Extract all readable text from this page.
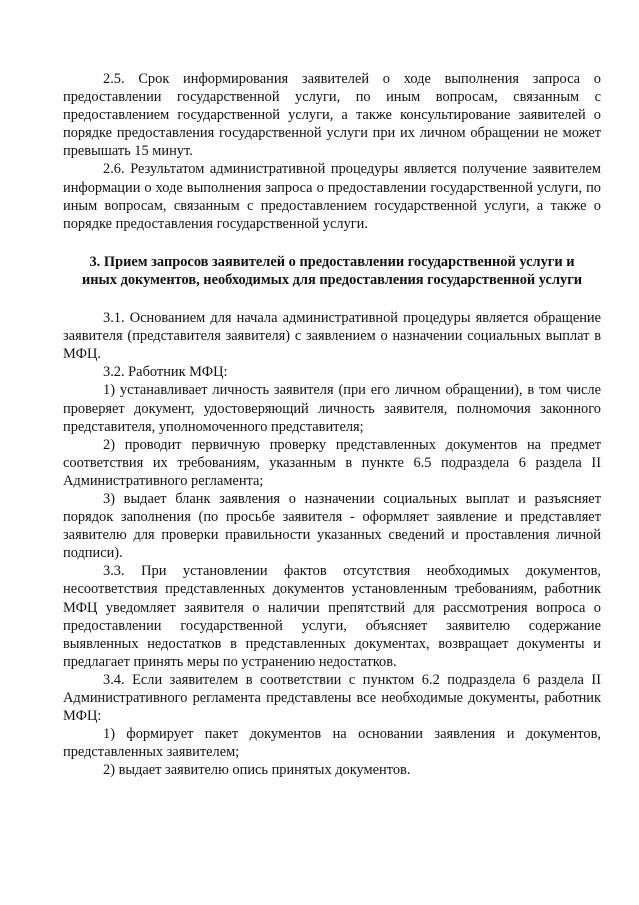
2.5. Срок информирования заявителей о ходе выполнения запроса о предоставлении государственной услуги, по иным вопросам, связанным с предоставлением государственной услуги, а также консультирование заявителей о порядке предоставления государственной услуги при их личном обращении не может превышать 15 минут.

2.6. Результатом административной процедуры является получение заявителем информации о ходе выполнения запроса о предоставлении государственной услуги, по иным вопросам, связанным с предоставлением государственной услуги, а также о порядке предоставления государственной услуги.

3. Прием запросов заявителей о предоставлении государственной услуги и иных документов, необходимых для предоставления государственной услуги

3.1. Основанием для начала административной процедуры является обращение заявителя (представителя заявителя) с заявлением о назначении социальных выплат в МФЦ.

3.2. Работник МФЦ:

1) устанавливает личность заявителя (при его личном обращении), в том числе проверяет документ, удостоверяющий личность заявителя, полномочия законного представителя, уполномоченного представителя;

2) проводит первичную проверку представленных документов на предмет соответствия их требованиям, указанным в пункте 6.5 подраздела 6 раздела II Административного регламента;

3) выдает бланк заявления о назначении социальных выплат и разъясняет порядок заполнения (по просьбе заявителя - оформляет заявление и представляет заявителю для проверки правильности указанных сведений и проставления личной подписи).

3.3. При установлении фактов отсутствия необходимых документов, несоответствия представленных документов установленным требованиям, работник МФЦ уведомляет заявителя о наличии препятствий для рассмотрения вопроса о предоставлении государственной услуги, объясняет заявителю содержание выявленных недостатков в представленных документах, возвращает документы и предлагает принять меры по устранению недостатков.

3.4. Если заявителем в соответствии с пунктом 6.2 подраздела 6 раздела II Административного регламента представлены все необходимые документы, работник МФЦ:

1) формирует пакет документов на основании заявления и документов, представленных заявителем;

2) выдает заявителю опись принятых документов.
